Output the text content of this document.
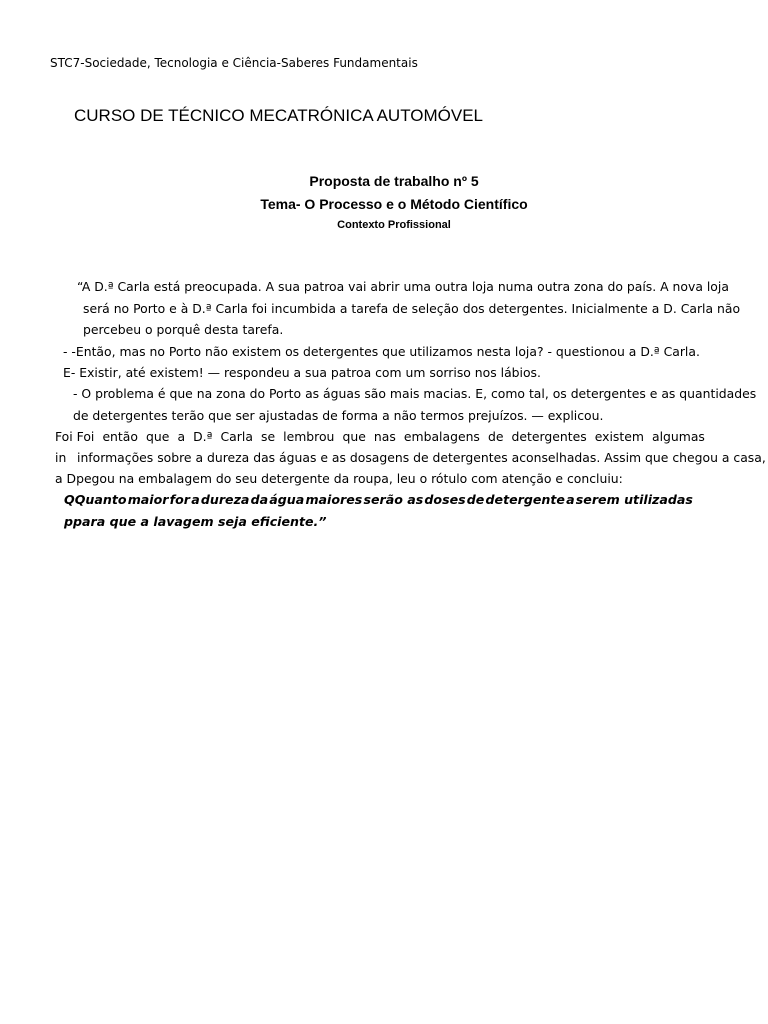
STC7-Sociedade, Tecnologia e Ciência-Saberes Fundamentais
CURSO DE TÉCNICO MECATRÓNICA AUTOMÓVEL
Proposta de trabalho nº 5
Tema- O Processo e o Método Científico
Contexto Profissional
“A D.ª Carla está preocupada. A sua patroa vai abrir uma outra loja numa outra zona do país. A nova loja
será no Porto e à D.ª Carla foi incumbida a tarefa de seleção dos detergentes. Inicialmente a D. Carla não
percebeu o porquê desta tarefa.
- -Então, mas no Porto não existem os detergentes que utilizamos nesta loja? - questionou a D.ª Carla.
E- Existir, até existem! — respondeu a sua patroa com um sorriso nos lábios.
- O problema é que na zona do Porto as águas são mais macias. E, como tal, os detergentes e as quantidades
de detergentes terão que ser ajustadas de forma a não termos prejuízos. — explicou.
Foi Foi então que a D.ª Carla se lembrou que nas embalagens de detergentes existem algumas
in informações sobre a dureza das águas e as dosagens de detergentes aconselhadas. Assim que chegou a casa,
a Dpegou na embalagem do seu detergente da roupa, leu o rótulo com atenção e concluiu:
QQuanto maior for a dureza da água maiores serão as doses de detergente a serem utilizadas
ppara que a lavagem seja eficiente.”
